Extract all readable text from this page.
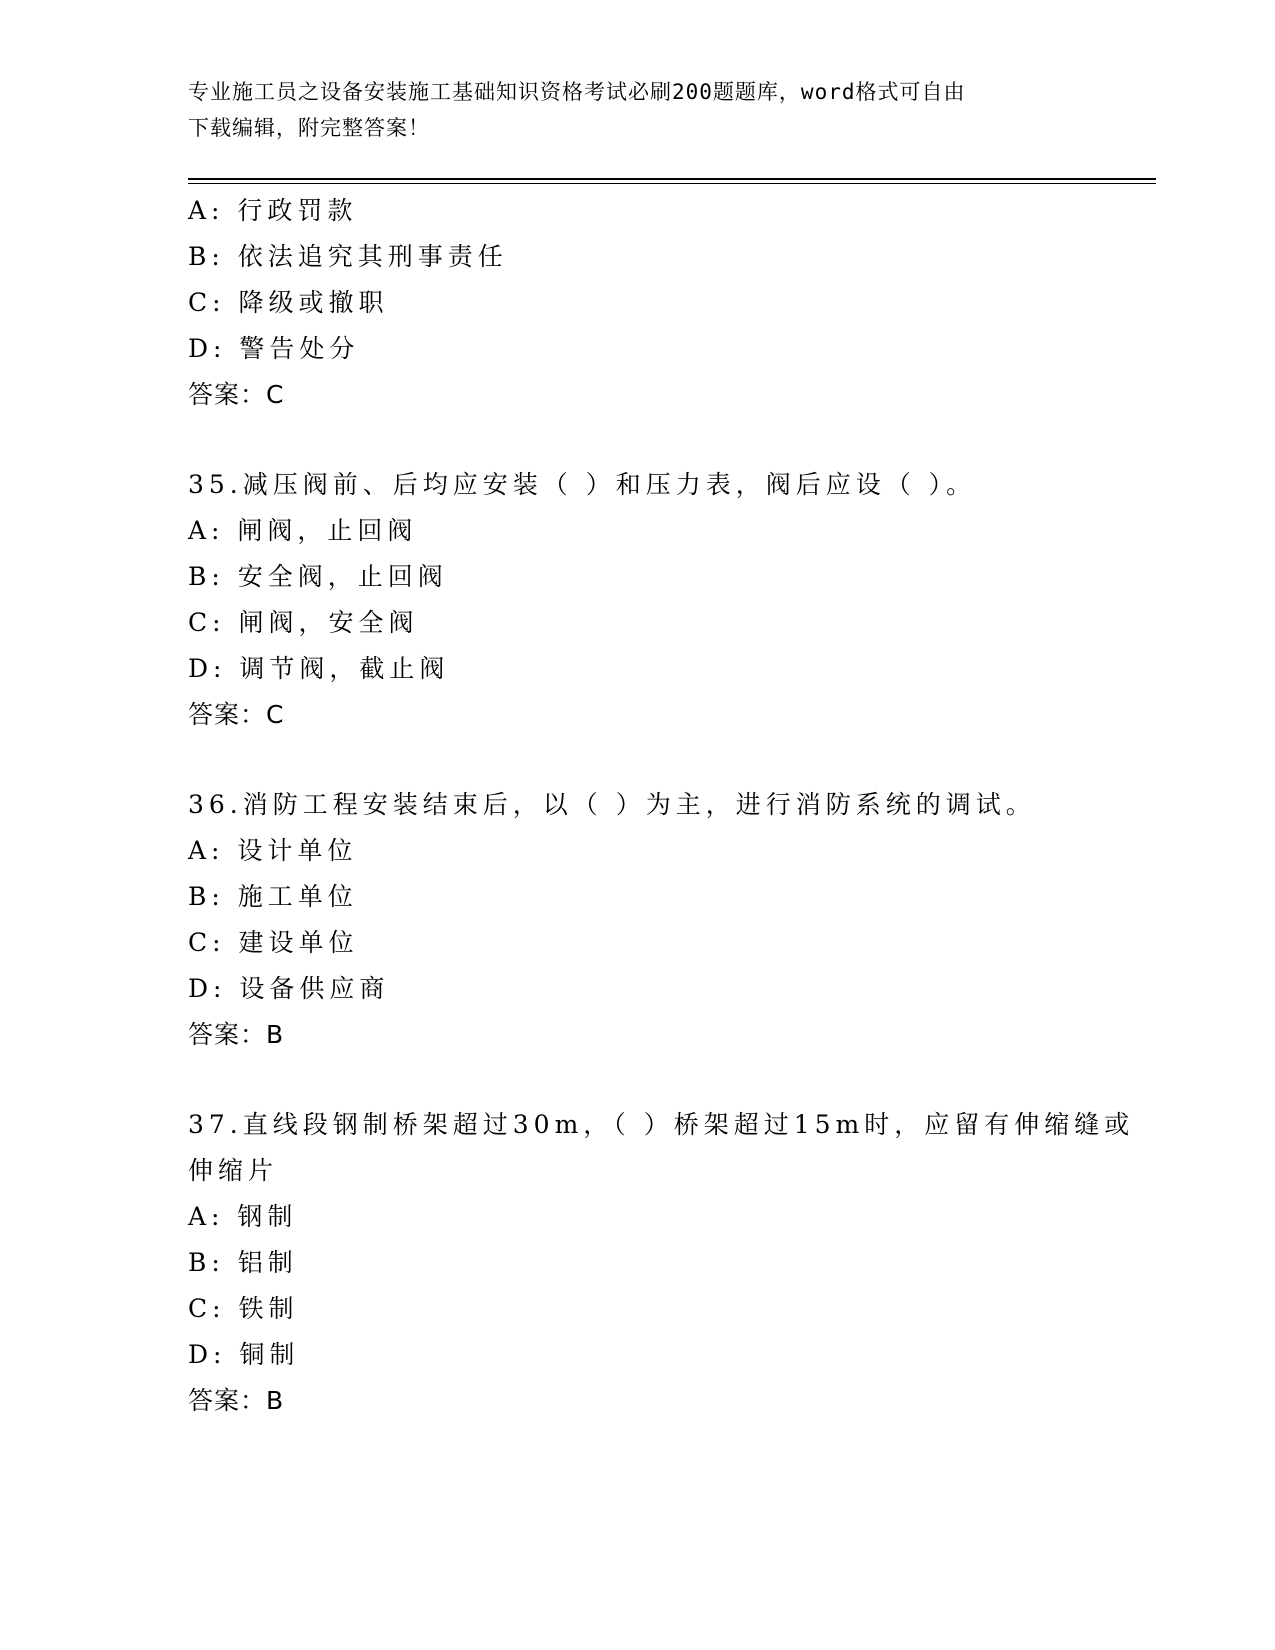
专业施工员之设备安装施工基础知识资格考试必刷200题题库，word格式可自由
下载编辑，附完整答案！
A: 行政罚款
B: 依法追究其刑事责任
C: 降级或撤职
D: 警告处分
答案：C
35.减压阀前、后均应安装（ ）和压力表，阀后应设（ ）。
A: 闸阀，止回阀
B: 安全阀，止回阀
C: 闸阀，安全阀
D: 调节阀，截止阀
答案：C
36.消防工程安装结束后，以（ ）为主，进行消防系统的调试。
A: 设计单位
B: 施工单位
C: 建设单位
D: 设备供应商
答案：B
37.直线段钢制桥架超过30m，（ ）桥架超过15m时，应留有伸缩缝或
伸缩片
A: 钢制
B: 铝制
C: 铁制
D: 铜制
答案：B
